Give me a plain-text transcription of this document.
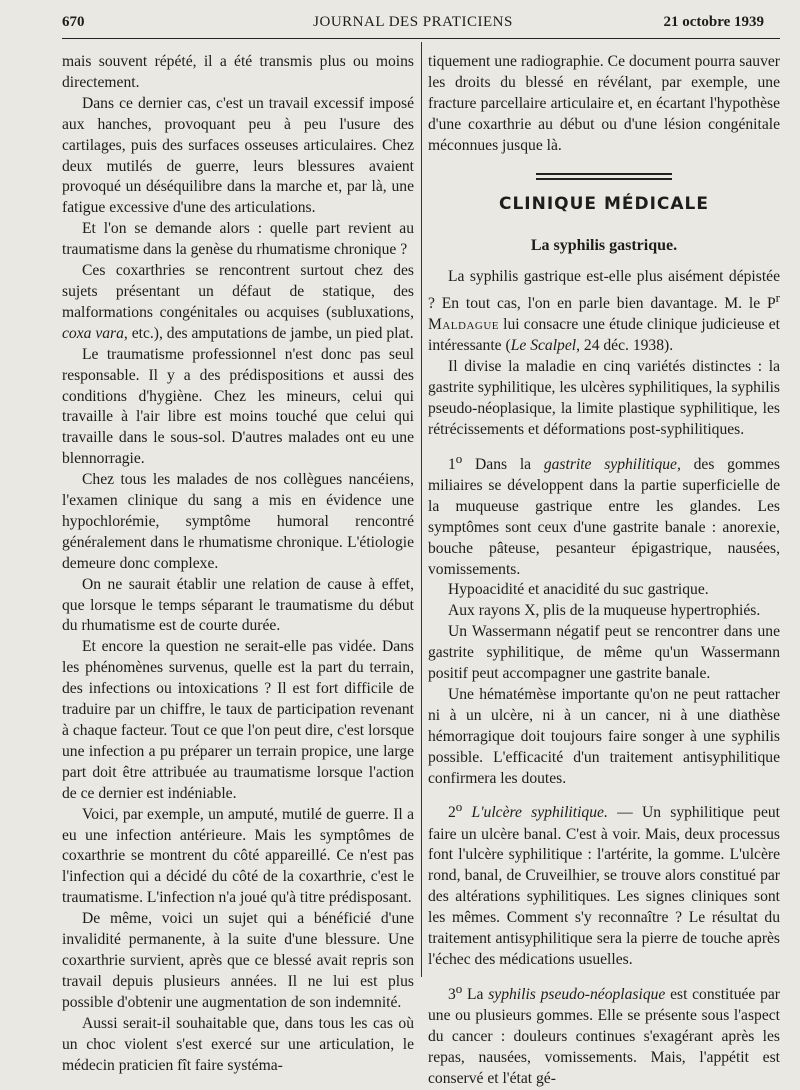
670	JOURNAL DES PRATICIENS	21 octobre 1939

mais souvent répété, il a été transmis plus ou moins directement.

Dans ce dernier cas, c'est un travail excessif imposé aux hanches, provoquant peu à peu l'usure des cartilages, puis des surfaces osseuses articulaires. Chez deux mutilés de guerre, leurs blessures avaient provoqué un déséquilibre dans la marche et, par là, une fatigue excessive d'une des articulations.

Et l'on se demande alors : quelle part revient au traumatisme dans la genèse du rhumatisme chronique ?

Ces coxarthries se rencontrent surtout chez des sujets présentant un défaut de statique, des malformations congénitales ou acquises (subluxations, coxa vara, etc.), des amputations de jambe, un pied plat.

Le traumatisme professionnel n'est donc pas seul responsable. Il y a des prédispositions et aussi des conditions d'hygiène. Chez les mineurs, celui qui travaille à l'air libre est moins touché que celui qui travaille dans le sous-sol. D'autres malades ont eu une blennorragie.

Chez tous les malades de nos collègues nancéiens, l'examen clinique du sang a mis en évidence une hypochlorémie, symptôme humoral rencontré généralement dans le rhumatisme chronique. L'étiologie demeure donc complexe.

On ne saurait établir une relation de cause à effet, que lorsque le temps séparant le traumatisme du début du rhumatisme est de courte durée.

Et encore la question ne serait-elle pas vidée. Dans les phénomènes survenus, quelle est la part du terrain, des infections ou intoxications ? Il est fort difficile de traduire par un chiffre, le taux de participation revenant à chaque facteur. Tout ce que l'on peut dire, c'est lorsque une infection a pu préparer un terrain propice, une large part doit être attribuée au traumatisme lorsque l'action de ce dernier est indéniable.

Voici, par exemple, un amputé, mutilé de guerre. Il a eu une infection antérieure. Mais les symptômes de coxarthrie se montrent du côté appareillé. Ce n'est pas l'infection qui a décidé du côté de la coxarthrie, c'est le traumatisme. L'infection n'a joué qu'à titre prédisposant.

De même, voici un sujet qui a bénéficié d'une invalidité permanente, à la suite d'une blessure. Une coxarthrie survient, après que ce blessé avait repris son travail depuis plusieurs années. Il ne lui est plus possible d'obtenir une augmentation de son indemnité.

Aussi serait-il souhaitable que, dans tous les cas où un choc violent s'est exercé sur une articulation, le médecin praticien fît faire systéma-

tiquement une radiographie. Ce document pourra sauver les droits du blessé en révélant, par exemple, une fracture parcellaire articulaire et, en écartant l'hypothèse d'une coxarthrie au début ou d'une lésion congénitale méconnues jusque là.

CLINIQUE MÉDICALE
La syphilis gastrique.

La syphilis gastrique est-elle plus aisément dépistée ? En tout cas, l'on en parle bien davantage. M. le $P^r$ Maldague lui consacre une étude clinique judicieuse et intéressante (Le Scalpel, 24 déc. 1938).

Il divise la maladie en cinq variétés distinctes : la gastrite syphilitique, les ulcères syphilitiques, la syphilis pseudo-néoplasique, la limite plastique syphilitique, les rétrécissements et déformations post-syphilitiques.

1$^o$ Dans la gastrite syphilitique, des gommes miliaires se développent dans la partie superficielle de la muqueuse gastrique entre les glandes. Les symptômes sont ceux d'une gastrite banale : anorexie, bouche pâteuse, pesanteur épigastrique, nausées, vomissements.

Hypoacidité et anacidité du suc gastrique.

Aux rayons X, plis de la muqueuse hypertrophiés.

Un Wassermann négatif peut se rencontrer dans une gastrite syphilitique, de même qu'un Wassermann positif peut accompagner une gastrite banale.

Une hématémèse importante qu'on ne peut rattacher ni à un ulcère, ni à un cancer, ni à une diathèse hémorragique doit toujours faire songer à une syphilis possible. L'efficacité d'un traitement antisyphilitique confirmera les doutes.

2$^o$ L'ulcère syphilitique. — Un syphilitique peut faire un ulcère banal. C'est à voir. Mais, deux processus font l'ulcère syphilitique : l'artérite, la gomme. L'ulcère rond, banal, de Cruveilhier, se trouve alors constitué par des altérations syphilitiques. Les signes cliniques sont les mêmes. Comment s'y reconnaître ? Le résultat du traitement antisyphilitique sera la pierre de touche après l'échec des médications usuelles.

3$^o$ La syphilis pseudo-néoplasique est constituée par une ou plusieurs gommes. Elle se présente sous l'aspect du cancer : douleurs continues s'exagérant après les repas, nausées, vomissements. Mais, l'appétit est conservé et l'état gé-
